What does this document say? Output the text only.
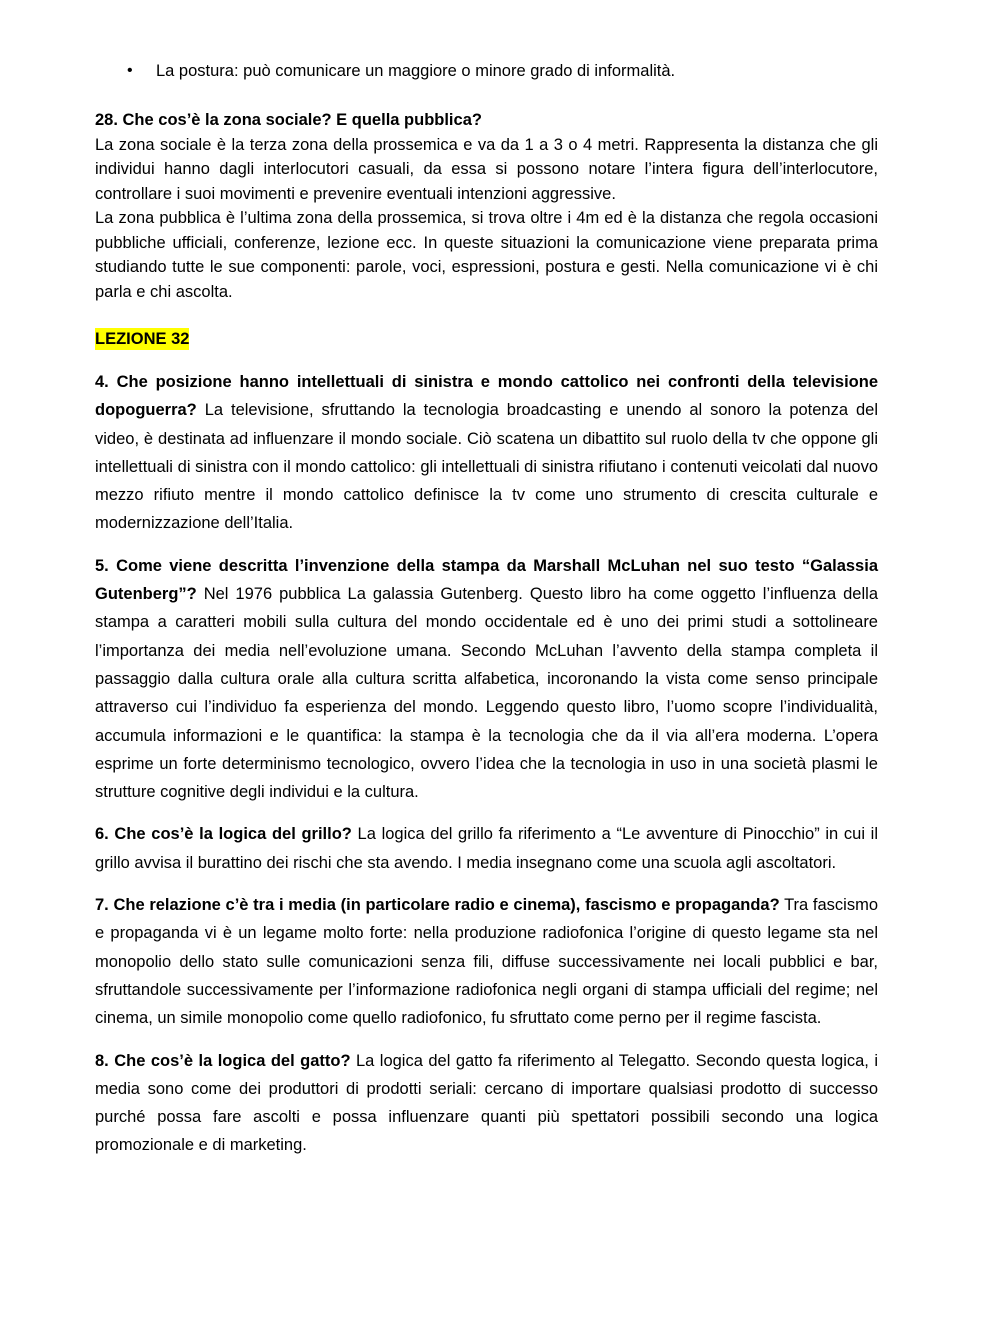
• La postura: può comunicare un maggiore o minore grado di informalità.

28. Che cos’è la zona sociale? E quella pubblica?

La zona sociale è la terza zona della prossemica e va da 1 a 3 o 4 metri. Rappresenta la distanza che gli individui hanno dagli interlocutori casuali, da essa si possono notare l’intera figura dell’interlocutore, controllare i suoi movimenti e prevenire eventuali intenzioni aggressive.

La zona pubblica è l’ultima zona della prossemica, si trova oltre i 4m ed è la distanza che regola occasioni pubbliche ufficiali, conferenze, lezione ecc. In queste situazioni la comunicazione viene preparata prima studiando tutte le sue componenti: parole, voci, espressioni, postura e gesti. Nella comunicazione vi è chi parla e chi ascolta.

LEZIONE 32

4. Che posizione hanno intellettuali di sinistra e mondo cattolico nei confronti della televisione dopoguerra? La televisione, sfruttando la tecnologia broadcasting e unendo al sonoro la potenza del video, è destinata ad influenzare il mondo sociale. Ciò scatena un dibattito sul ruolo della tv che oppone gli intellettuali di sinistra con il mondo cattolico: gli intellettuali di sinistra rifiutano i contenuti veicolati dal nuovo mezzo rifiuto mentre il mondo cattolico definisce la tv come uno strumento di crescita culturale e modernizzazione dell’Italia.

5. Come viene descritta l’invenzione della stampa da Marshall McLuhan nel suo testo “Galassia Gutenberg”? Nel 1976 pubblica La galassia Gutenberg. Questo libro ha come oggetto l’influenza della stampa a caratteri mobili sulla cultura del mondo occidentale ed è uno dei primi studi a sottolineare l’importanza dei media nell’evoluzione umana. Secondo McLuhan l’avvento della stampa completa il passaggio dalla cultura orale alla cultura scritta alfabetica, incoronando la vista come senso principale attraverso cui l’individuo fa esperienza del mondo. Leggendo questo libro, l’uomo scopre l’individualità, accumula informazioni e le quantifica: la stampa è la tecnologia che da il via all’era moderna. L’opera esprime un forte determinismo tecnologico, ovvero l’idea che la tecnologia in uso in una società plasmi le strutture cognitive degli individui e la cultura.

6. Che cos’è la logica del grillo? La logica del grillo fa riferimento a “Le avventure di Pinocchio” in cui il grillo avvisa il burattino dei rischi che sta avendo. I media insegnano come una scuola agli ascoltatori.

7. Che relazione c’è tra i media (in particolare radio e cinema), fascismo e propaganda? Tra fascismo e propaganda vi è un legame molto forte: nella produzione radiofonica l’origine di questo legame sta nel monopolio dello stato sulle comunicazioni senza fili, diffuse successivamente nei locali pubblici e bar, sfruttandole successivamente per l’informazione radiofonica negli organi di stampa ufficiali del regime; nel cinema, un simile monopolio come quello radiofonico, fu sfruttato come perno per il regime fascista.

8. Che cos’è la logica del gatto? La logica del gatto fa riferimento al Telegatto. Secondo questa logica, i media sono come dei produttori di prodotti seriali: cercano di importare qualsiasi prodotto di successo purché possa fare ascolti e possa influenzare quanti più spettatori possibili secondo una logica promozionale e di marketing.
